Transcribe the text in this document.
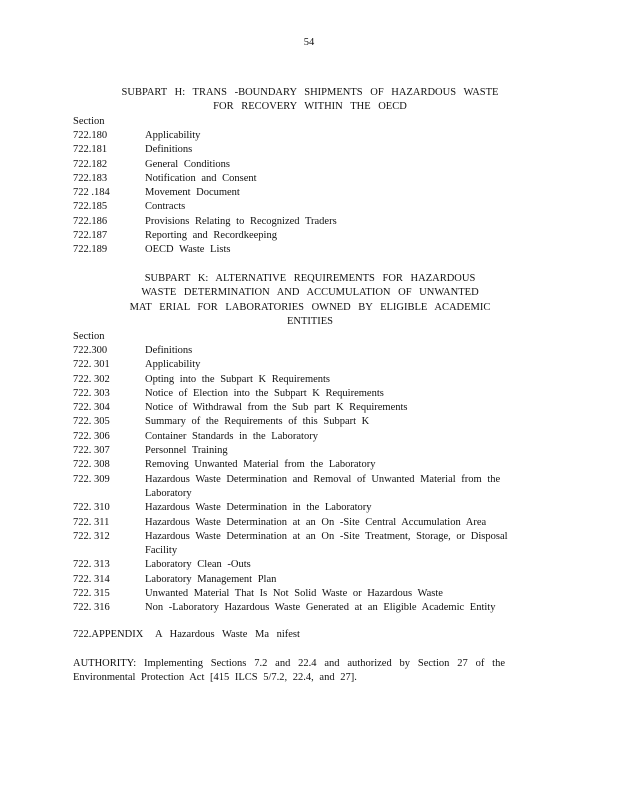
54
SUBPART H: TRANS -BOUNDARY SHIPMENTS OF HAZARDOUS WASTE
FOR RECOVERY WITHIN THE OECD
Section
722.180	Applicability
722.181	Definitions
722.182	General Conditions
722.183	Notification and Consent
722 .184	Movement Document
722.185	Contracts
722.186	Provisions Relating to Recognized Traders
722.187	Reporting and Recordkeeping
722.189	OECD Waste Lists
SUBPART K: ALTERNATIVE REQUIREMENTS FOR HAZARDOUS
WASTE DETERMINATION AND ACCUMULATION OF UNWANTED
MAT ERIAL FOR LABORATORIES OWNED BY ELIGIBLE ACADEMIC
ENTITIES
Section
722.300	Definitions
722. 301	Applicability
722. 302	Opting into the Subpart K Requirements
722. 303	Notice of Election into the Subpart K Requirements
722. 304	Notice of Withdrawal from the Sub part K Requirements
722. 305	Summary of the Requirements of this Subpart K
722. 306	Container Standards in the Laboratory
722. 307	Personnel Training
722. 308	Removing Unwanted Material from the Laboratory
722. 309	Hazardous Waste Determination and Removal of Unwanted Material from the Laboratory
722. 310	Hazardous Waste Determination in the Laboratory
722. 311	Hazardous Waste Determination at an On -Site Central Accumulation Area
722. 312	Hazardous Waste Determination at an On -Site Treatment, Storage, or Disposal Facility
722. 313	Laboratory Clean -Outs
722. 314	Laboratory Management Plan
722. 315	Unwanted Material That Is Not Solid Waste or Hazardous Waste
722. 316	Non -Laboratory Hazardous Waste Generated at an Eligible Academic Entity
722.APPENDIX A Hazardous Waste Ma nifest
AUTHORITY: Implementing Sections 7.2 and 22.4 and authorized by Section 27 of the Environmental Protection Act [415 ILCS 5/7.2, 22.4, and 27].
